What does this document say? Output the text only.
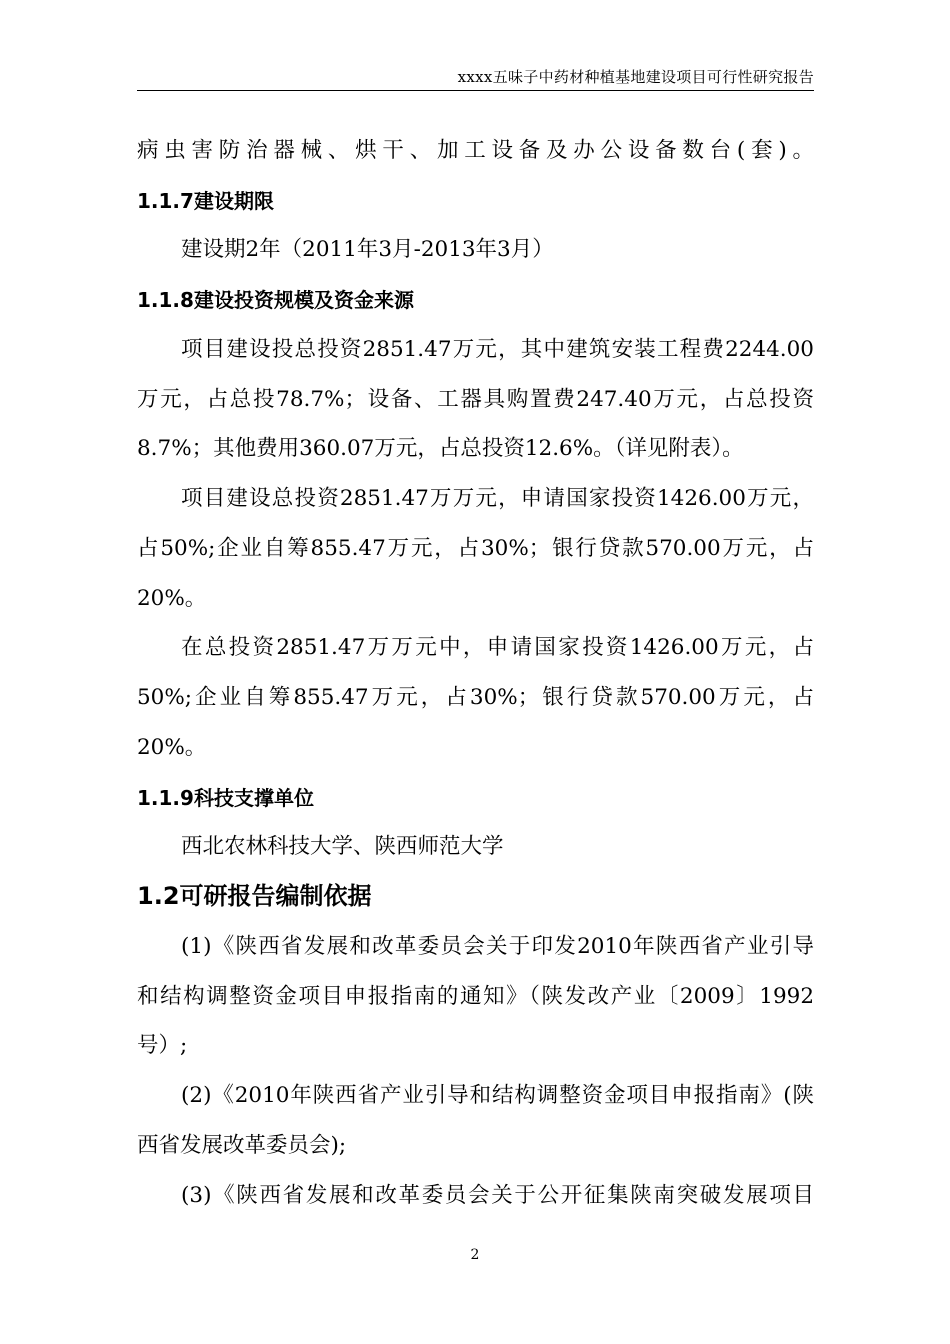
xxxx五味子中药材种植基地建设项目可行性研究报告
病虫害防治器械、烘干、加工设备及办公设备数台(套)。
1.1.7建设期限
建设期2年（2011年3月-2013年3月）
1.1.8建设投资规模及资金来源
项目建设投总投资2851.47万元，其中建筑安装工程费2244.00
万元，占总投78.7%；设备、工器具购置费247.40万元，占总投资
8.7%；其他费用360.07万元，占总投资12.6%。（详见附表）。
项目建设总投资2851.47万万元，申请国家投资1426.00万元，
占50%;企业自筹855.47万元，占30%；银行贷款570.00万元，占
20%。
在总投资2851.47万万元中，申请国家投资1426.00万元，占
50%;企业自筹855.47万元，占30%；银行贷款570.00万元，占
20%。
1.1.9科技支撑单位
西北农林科技大学、陕西师范大学
1.2可研报告编制依据
(1)《陕西省发展和改革委员会关于印发2010年陕西省产业引导
和结构调整资金项目申报指南的通知》（陕发改产业〔2009〕1992
号）;
(2)《2010年陕西省产业引导和结构调整资金项目申报指南》(陕
西省发展改革委员会);
(3)《陕西省发展和改革委员会关于公开征集陕南突破发展项目
2
